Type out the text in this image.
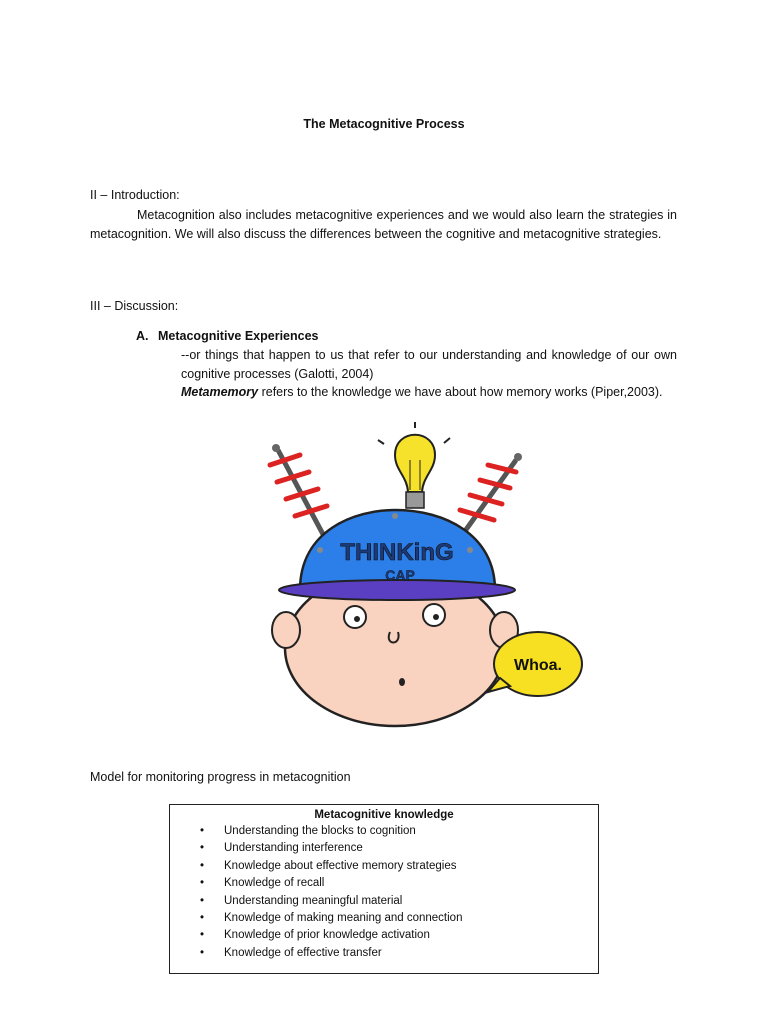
The Metacognitive Process
II – Introduction:
Metacognition also includes metacognitive experiences and we would also learn the strategies in metacognition. We will also discuss the differences between the cognitive and metacognitive strategies.
III – Discussion:
A. Metacognitive Experiences
--or things that happen to us that refer to our understanding and knowledge of our own cognitive processes (Galotti, 2004)
Metamemory refers to the knowledge we have about how memory works (Piper,2003).
THINKinG
CAP
Whoa.
Model for monitoring progress in metacognition
Metacognitive knowledge
• Understanding the blocks to cognition
• Understanding interference
• Knowledge about effective memory strategies
• Knowledge of recall
• Understanding meaningful material
• Knowledge of making meaning and connection
• Knowledge of prior knowledge activation
• Knowledge of effective transfer
